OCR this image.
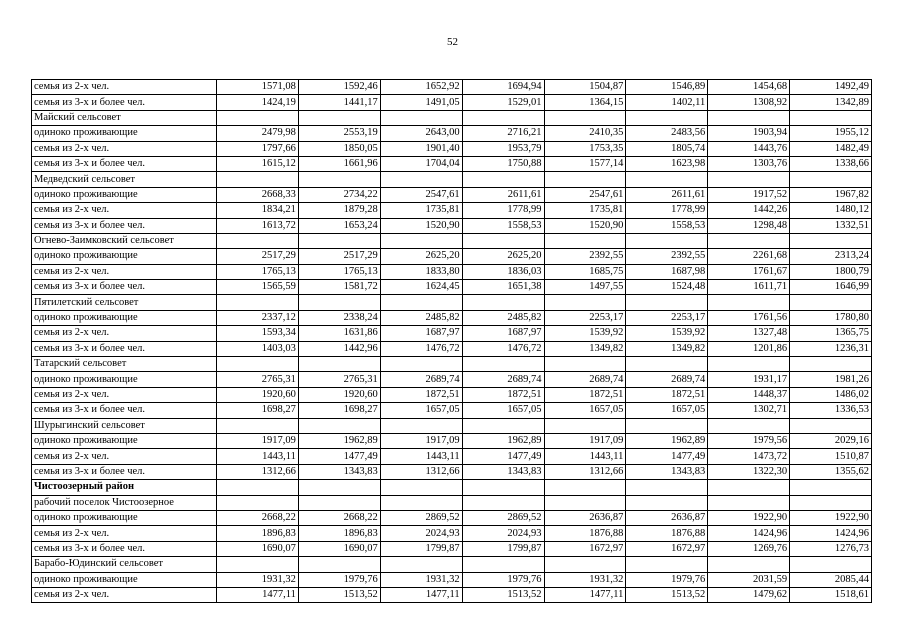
52
семья из 2-х чел.	1571,08	1592,46	1652,92	1694,94	1504,87	1546,89	1454,68	1492,49
семья из 3-х и более чел.	1424,19	1441,17	1491,05	1529,01	1364,15	1402,11	1308,92	1342,89
Майский сельсовет								
одиноко проживающие	2479,98	2553,19	2643,00	2716,21	2410,35	2483,56	1903,94	1955,12
семья из 2-х чел.	1797,66	1850,05	1901,40	1953,79	1753,35	1805,74	1443,76	1482,49
семья из 3-х и более чел.	1615,12	1661,96	1704,04	1750,88	1577,14	1623,98	1303,76	1338,66
Медведский сельсовет								
одиноко проживающие	2668,33	2734,22	2547,61	2611,61	2547,61	2611,61	1917,52	1967,82
семья из 2-х чел.	1834,21	1879,28	1735,81	1778,99	1735,81	1778,99	1442,26	1480,12
семья из 3-х и более чел.	1613,72	1653,24	1520,90	1558,53	1520,90	1558,53	1298,48	1332,51
Огнево-Заимковский сельсовет								
одиноко проживающие	2517,29	2517,29	2625,20	2625,20	2392,55	2392,55	2261,68	2313,24
семья из 2-х чел.	1765,13	1765,13	1833,80	1836,03	1685,75	1687,98	1761,67	1800,79
семья из 3-х и более чел.	1565,59	1581,72	1624,45	1651,38	1497,55	1524,48	1611,71	1646,99
Пятилетский сельсовет								
одиноко проживающие	2337,12	2338,24	2485,82	2485,82	2253,17	2253,17	1761,56	1780,80
семья из 2-х чел.	1593,34	1631,86	1687,97	1687,97	1539,92	1539,92	1327,48	1365,75
семья из 3-х и более чел.	1403,03	1442,96	1476,72	1476,72	1349,82	1349,82	1201,86	1236,31
Татарский сельсовет								
одиноко проживающие	2765,31	2765,31	2689,74	2689,74	2689,74	2689,74	1931,17	1981,26
семья из 2-х чел.	1920,60	1920,60	1872,51	1872,51	1872,51	1872,51	1448,37	1486,02
семья из 3-х и более чел.	1698,27	1698,27	1657,05	1657,05	1657,05	1657,05	1302,71	1336,53
Шурыгинский сельсовет								
одиноко проживающие	1917,09	1962,89	1917,09	1962,89	1917,09	1962,89	1979,56	2029,16
семья из 2-х чел.	1443,11	1477,49	1443,11	1477,49	1443,11	1477,49	1473,72	1510,87
семья из 3-х и более чел.	1312,66	1343,83	1312,66	1343,83	1312,66	1343,83	1322,30	1355,62
Чистоозерный район								
рабочий поселок Чистоозерное								
одиноко проживающие	2668,22	2668,22	2869,52	2869,52	2636,87	2636,87	1922,90	1922,90
семья из 2-х чел.	1896,83	1896,83	2024,93	2024,93	1876,88	1876,88	1424,96	1424,96
семья из 3-х и более чел.	1690,07	1690,07	1799,87	1799,87	1672,97	1672,97	1269,76	1276,73
Барабо-Юдинский сельсовет								
одиноко проживающие	1931,32	1979,76	1931,32	1979,76	1931,32	1979,76	2031,59	2085,44
семья из 2-х чел.	1477,11	1513,52	1477,11	1513,52	1477,11	1513,52	1479,62	1518,61
